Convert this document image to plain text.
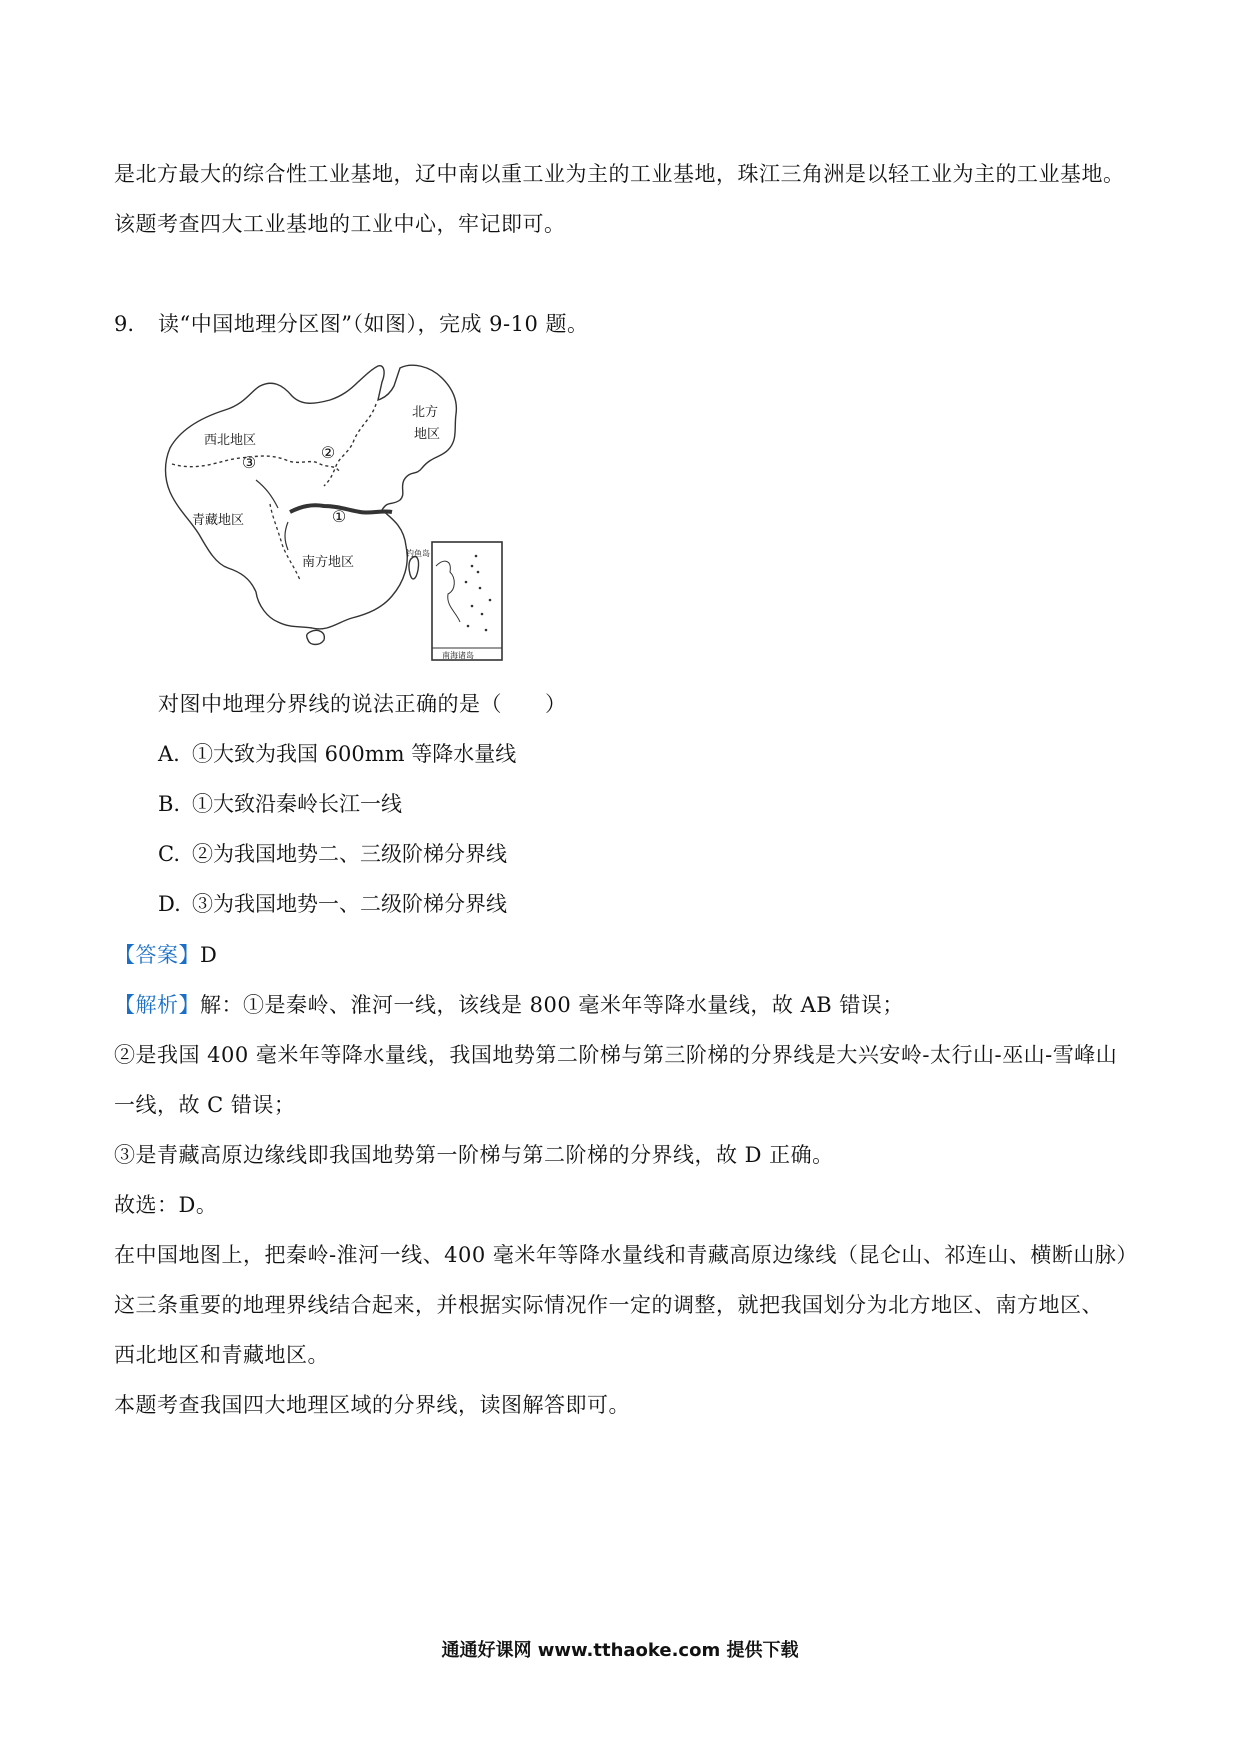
是北方最大的综合性工业基地，辽中南以重工业为主的工业基地，珠江三角洲是以轻工业为主的工业基地。
该题考查四大工业基地的工业中心，牢记即可。
9. 读“中国地理分区图”（如图），完成 9-10 题。
③
②
①
西北地区
青藏地区
南方地区
北方
地区
钓鱼岛
南海诸岛
对图中地理分界线的说法正确的是（　　）
A. ①大致为我国 600mm 等降水量线
B. ①大致沿秦岭长江一线
C. ②为我国地势二、三级阶梯分界线
D. ③为我国地势一、二级阶梯分界线
【答案】D
【解析】解：①是秦岭、淮河一线，该线是 800 毫米年等降水量线，故 AB 错误；
②是我国 400 毫米年等降水量线，我国地势第二阶梯与第三阶梯的分界线是大兴安岭-太行山-巫山-雪峰山
一线，故 C 错误；
③是青藏高原边缘线即我国地势第一阶梯与第二阶梯的分界线，故 D 正确。
故选：D。
在中国地图上，把秦岭-淮河一线、400 毫米年等降水量线和青藏高原边缘线（昆仑山、祁连山、横断山脉）
这三条重要的地理界线结合起来，并根据实际情况作一定的调整，就把我国划分为北方地区、南方地区、
西北地区和青藏地区。
本题考查我国四大地理区域的分界线，读图解答即可。
通通好课网 www.tthaoke.com 提供下载
